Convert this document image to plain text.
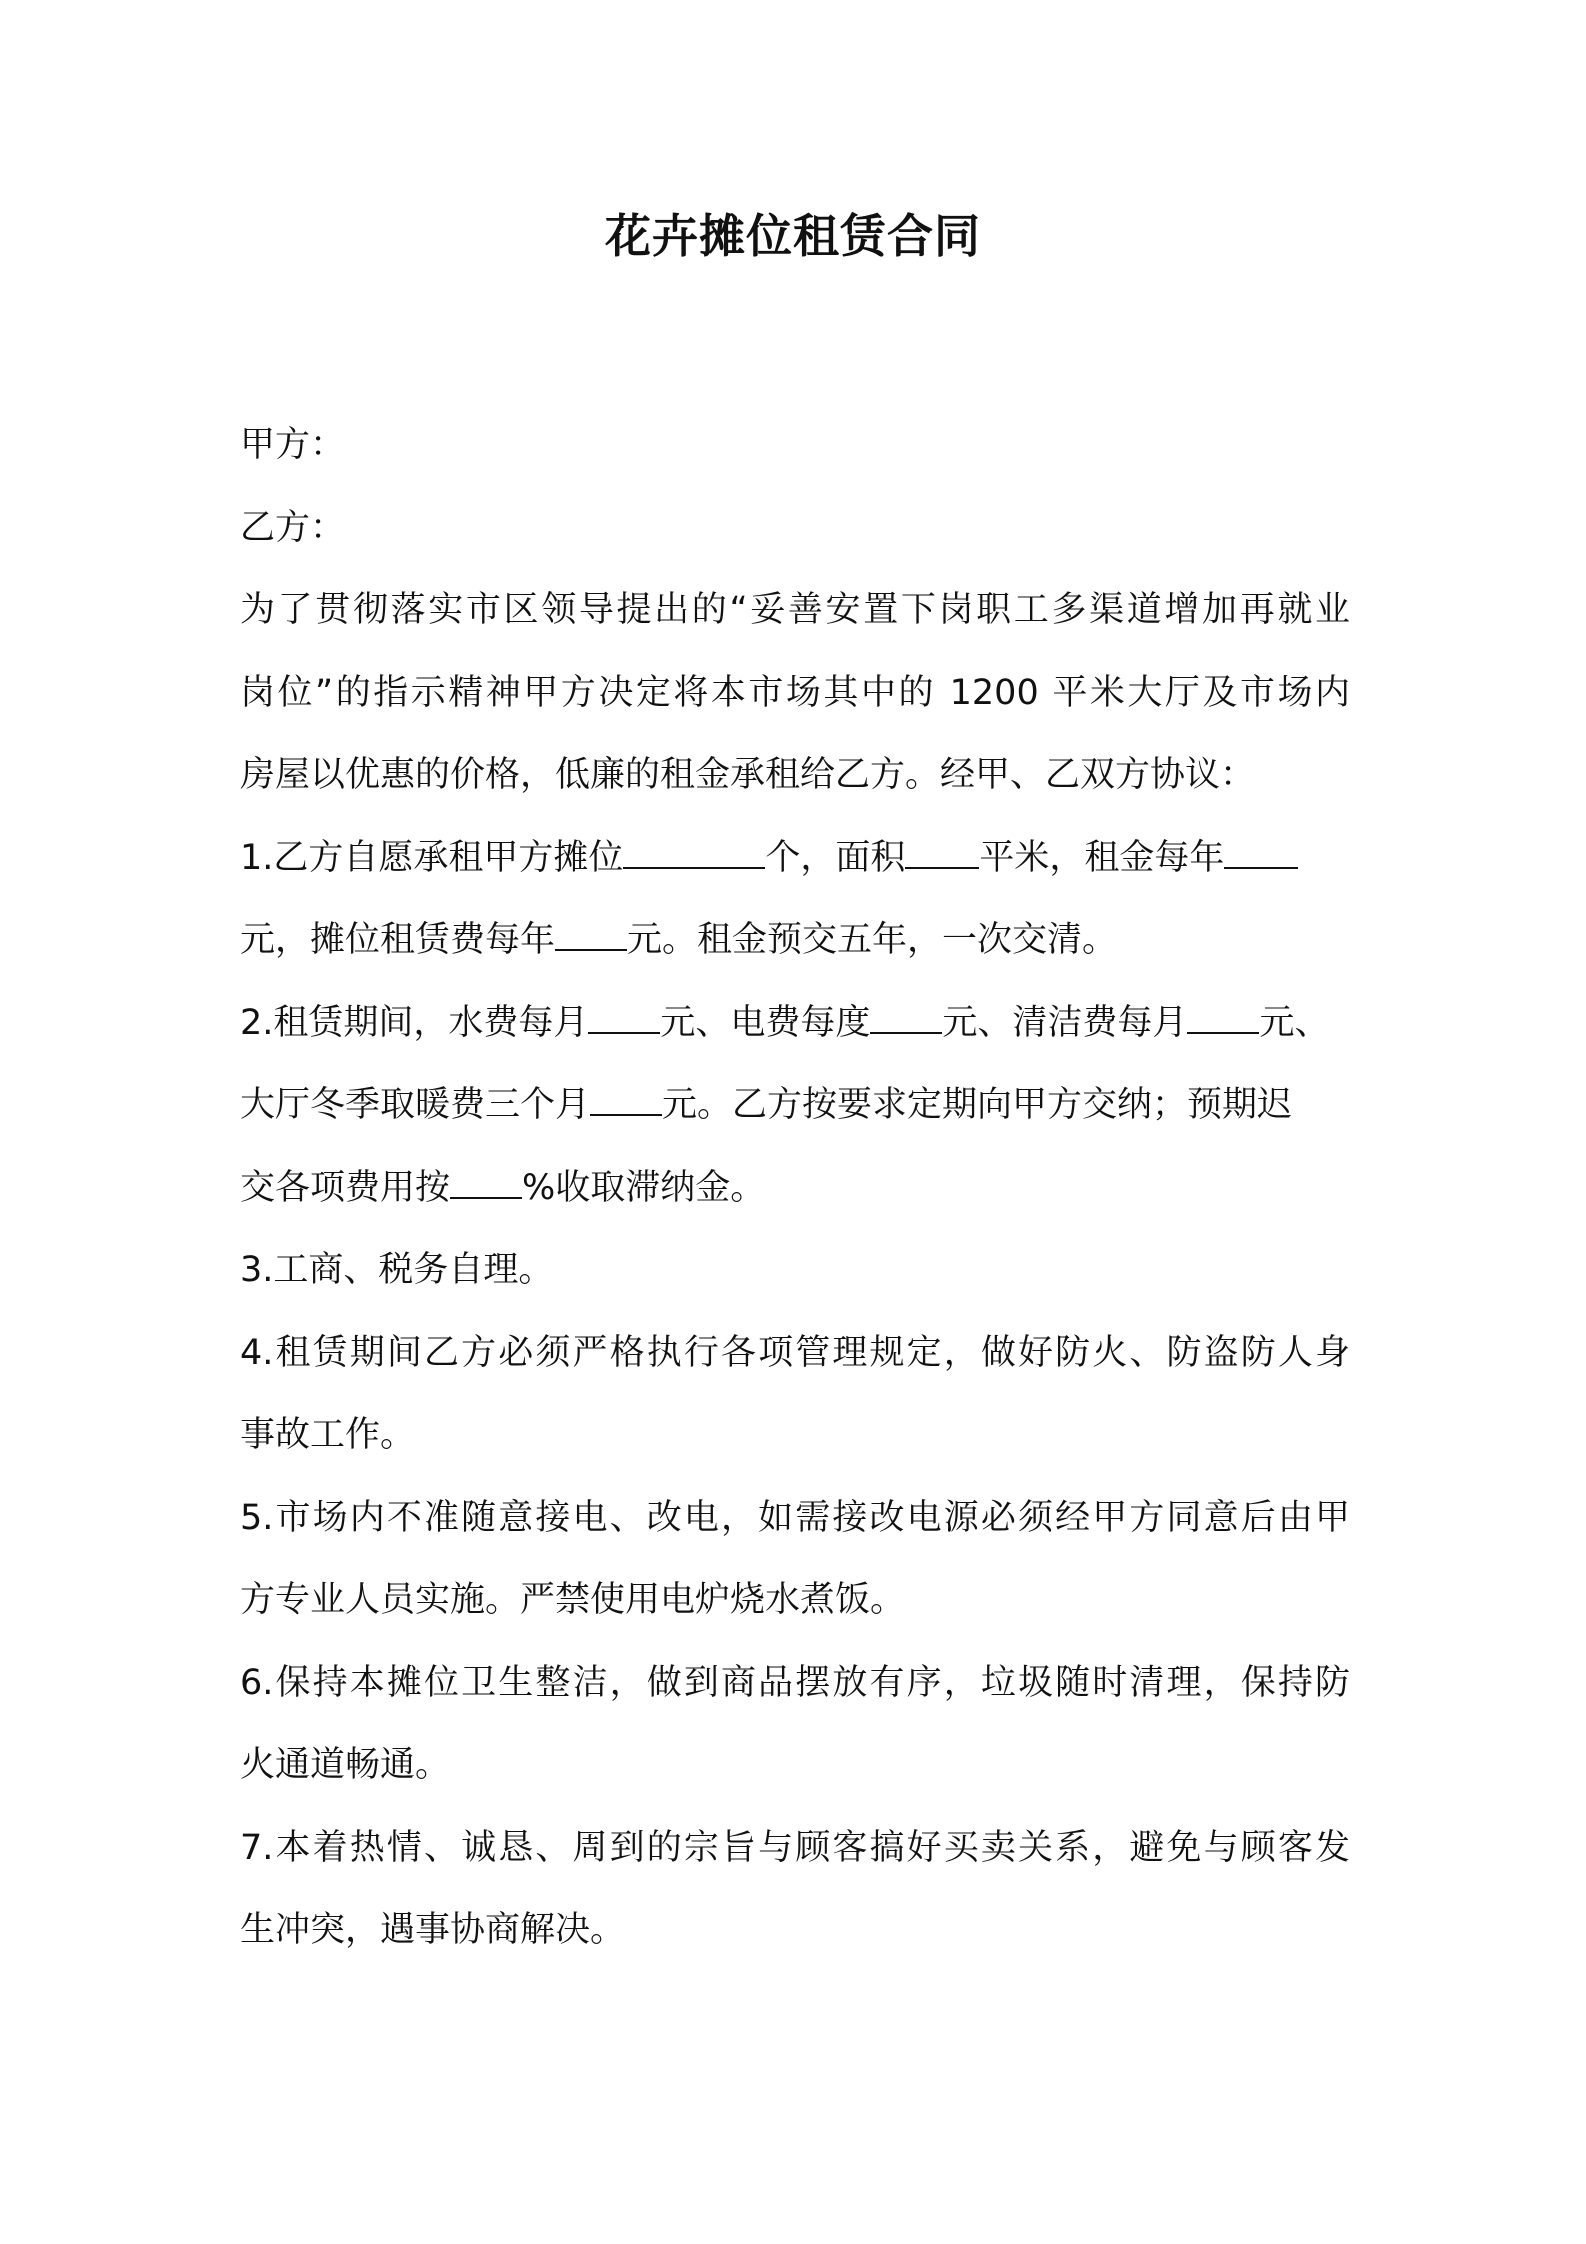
花卉摊位租赁合同
甲方：
乙方：
为了贯彻落实市区领导提出的“妥善安置下岗职工多渠道增加再就业
岗位”的指示精神甲方决定将本市场其中的 1200 平米大厅及市场内
房屋以优惠的价格，低廉的租金承租给乙方。经甲、乙双方协议：
1.乙方自愿承租甲方摊位	个，面积 平米，租金每年
元，摊位租赁费每年 元。租金预交五年，一次交清。
2.租赁期间，水费每月 元、电费每度 元、清洁费每月 元、
大厅冬季取暖费三个月 元。乙方按要求定期向甲方交纳；预期迟
交各项费用按 %收取滞纳金。
3.工商、税务自理。
4.租赁期间乙方必须严格执行各项管理规定，做好防火、防盗防人身
事故工作。
5.市场内不准随意接电、改电，如需接改电源必须经甲方同意后由甲
方专业人员实施。严禁使用电炉烧水煮饭。
6.保持本摊位卫生整洁，做到商品摆放有序，垃圾随时清理，保持防
火通道畅通。
7.本着热情、诚恳、周到的宗旨与顾客搞好买卖关系，避免与顾客发
生冲突，遇事协商解决。
